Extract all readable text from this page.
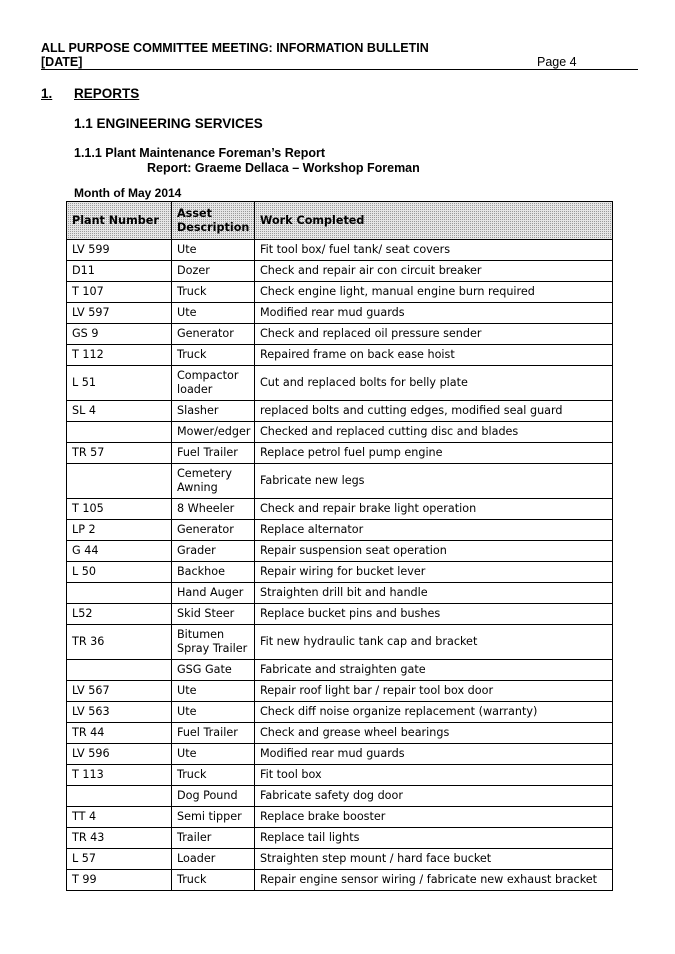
ALL PURPOSE COMMITTEE MEETING: INFORMATION BULLETIN
[DATE]	Page 4
1. REPORTS
1.1 ENGINEERING SERVICES
1.1.1 Plant Maintenance Foreman’s Report
Report: Graeme Dellaca – Workshop Foreman
Month of May 2014
Plant Number	Asset Description	Work Completed
LV 599	Ute	Fit tool box/ fuel tank/ seat covers
D11	Dozer	Check and repair air con circuit breaker
T 107	Truck	Check engine light, manual engine burn required
LV 597	Ute	Modified rear mud guards
GS 9	Generator	Check and replaced oil pressure sender
T 112	Truck	Repaired frame on back ease hoist
L 51	Compactor loader	Cut and replaced bolts for belly plate
SL 4	Slasher	replaced bolts and cutting edges, modified seal guard
	Mower/edger	Checked and replaced cutting disc and blades
TR 57	Fuel Trailer	Replace petrol fuel pump engine
	Cemetery Awning	Fabricate new legs
T 105	8 Wheeler	Check and repair brake light operation
LP 2	Generator	Replace alternator
G 44	Grader	Repair suspension seat operation
L 50	Backhoe	Repair wiring for bucket lever
	Hand Auger	Straighten drill bit and handle
L52	Skid Steer	Replace bucket pins and bushes
TR 36	Bitumen Spray Trailer	Fit new hydraulic tank cap and bracket
	GSG Gate	Fabricate and straighten gate
LV 567	Ute	Repair roof light bar / repair tool box door
LV 563	Ute	Check diff noise organize replacement (warranty)
TR 44	Fuel Trailer	Check and grease wheel bearings
LV 596	Ute	Modified rear mud guards
T 113	Truck	Fit tool box
	Dog Pound	Fabricate safety dog door
TT 4	Semi tipper	Replace brake booster
TR 43	Trailer	Replace tail lights
L 57	Loader	Straighten step mount / hard face bucket
T 99	Truck	Repair engine sensor wiring / fabricate new exhaust bracket
